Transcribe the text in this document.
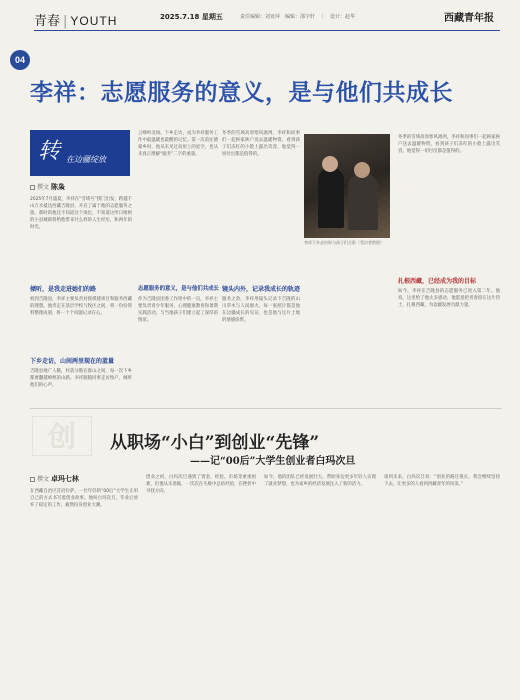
青春 | YOUTH	2025.7.18 星期五	责任编辑：刘亚萍　编辑：邵宇轩　｜　设计：赵华	西藏青年报
04
李祥：志愿服务的意义，是与他们共成长
转 在边疆绽放
撰文 陈枭
2025年7月盛夏，李祥在“雪域号”援门出发，跨越千山万水抵达西藏吉隆县，开启了属于他的志愿服务之旅。那时的他还不知道这个岗位，不知道这所日喀则的小县城即将给他带来什么样的人生经历，和两年的时光。
倾听，是我走进她们的路
初到吉隆县，李祥主要负责对接援建项目和服务西藏的理想。他奔走在基层学校与牧区之间，将一份份资料整理成册，将一个个问题记录在心。
下乡走访，山间两里现在的蓝量
吉隆县地广人稀，村落分散在群山之间，每一次下乡都要翻越崎岖的山路。李祥跟随同事走访牧户，倾听他们的心声。
云峰岭北岗。下乡走访，成为李祥服务工作中最温暖也最酸的记忆。第一次前往德蒙乡时，他从未见过高原上的星空，也从未真正理解“服务”二字的重量。
志愿服务的意义，是与他们共成长
作为吉隆县团委工作组中的一员，李祥主要负责青少年服务、心理健康教育和暑期实践活动，与当地孩子们建立起了深厚的情谊。
冬季的雪域高原寒风凛冽，李祥和同事们一起挨家挨户送去温暖物资，看到孩子们冻红的小脸上露出笑容，他觉得一切付出都是值得的。
镜头内外，记录我成长的轨迹
服务之余，李祥用镜头记录下吉隆的山川草木与人间烟火。每一张照片都是他在边疆成长的见证，也是他与这片土地的情感纽带。
李祥下乡走访时与孩子们合影（受访者供图）
扎根西藏，已经成为我的目标
如今，李祥在吉隆县的志愿服务已进入第二年。他说，这里给了他太多感动，他愿意把青春留在这片热土，扎根西藏，为边疆发展贡献力量。
冬季的雪域高原寒风凛冽，李祥和同事们一起挨家挨户送去温暖物资，看到孩子们冻红的小脸上露出笑容，他觉得一切付出都是值得的。
创	从职场“小白”到创业“先锋”
——记“00后”大学生创业者白玛次旦
撰文 卓玛七林
在西藏自治区首府拉萨，一位年轻的“00后”大学生正用自己的方式书写着创业故事。他叫白玛次旦，毕业后放弃了稳定的工作，毅然投身创业大潮。
创业之初，白玛次旦遇到了资金、经验、市场等重重困难，但他从未退缩，一次次在失败中总结经验，在挫折中寻找方向。
如今，他的团队已经发展壮大，帮助身边更多年轻人实现了就业梦想，也为家乡的经济发展注入了新的活力。
谈到未来，白玛次旦说：“创业的路还很长，我会继续坚持下去，让更多的人看到西藏青年的风采。”
